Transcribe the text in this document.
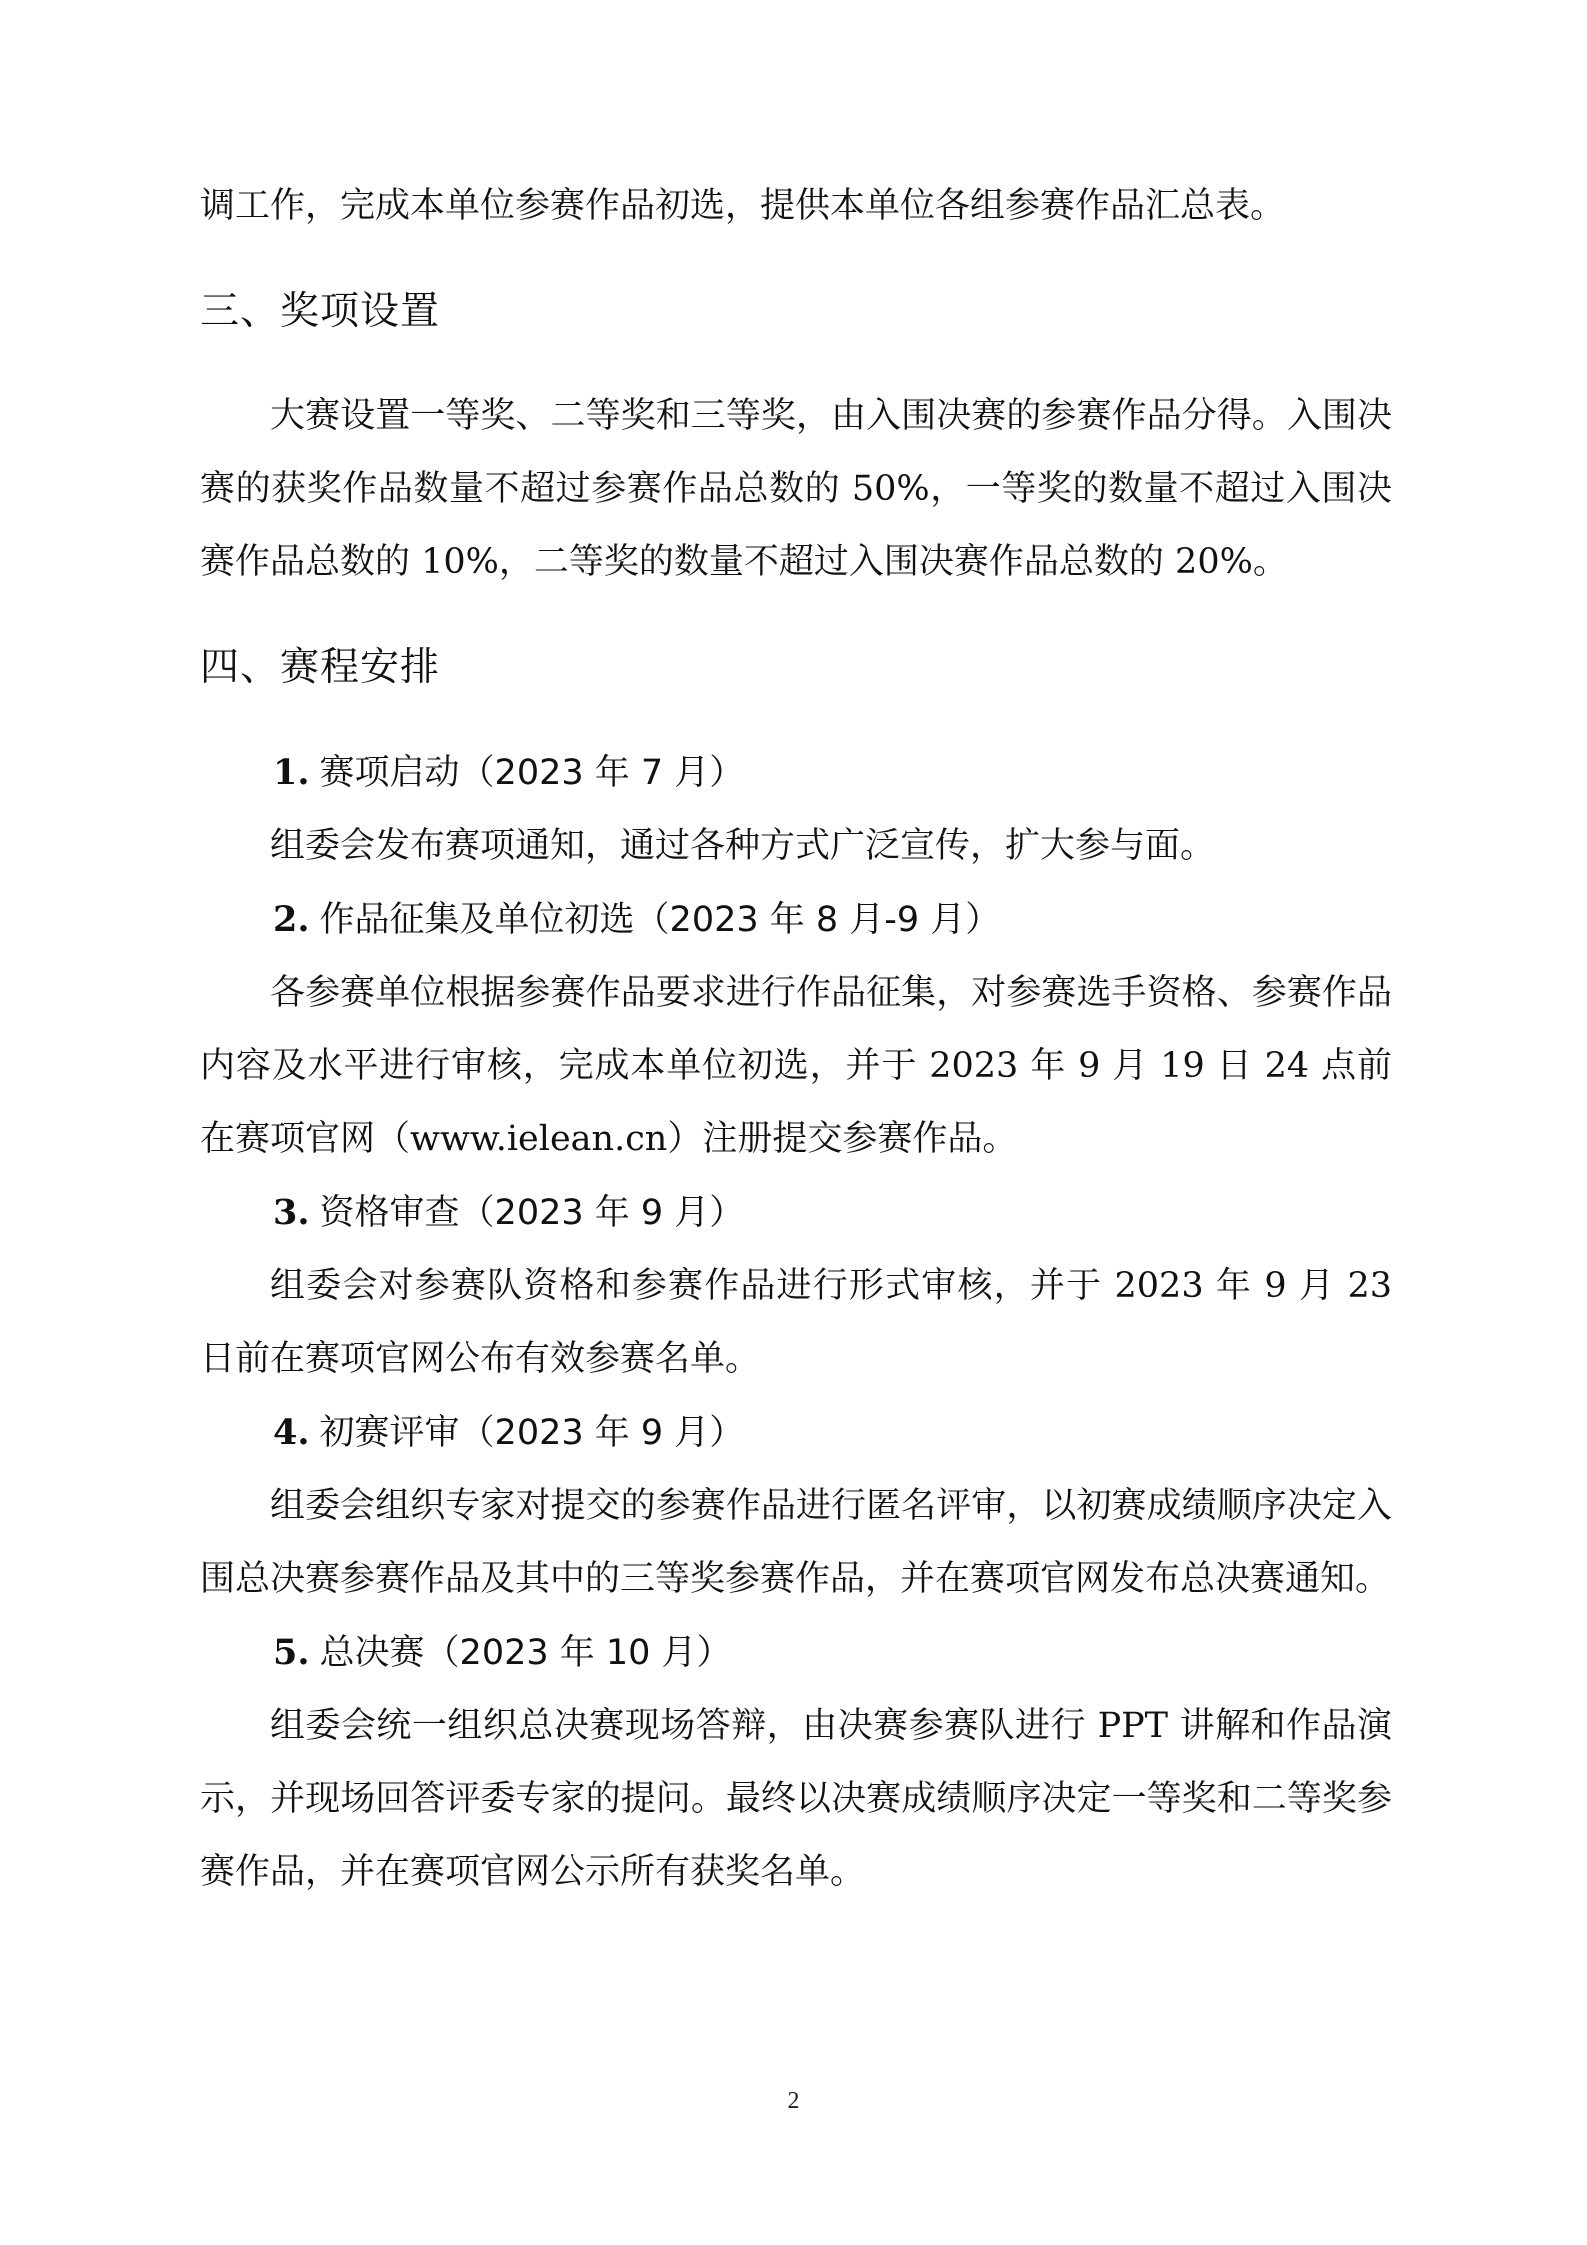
调工作，完成本单位参赛作品初选，提供本单位各组参赛作品汇总表。

三、奖项设置

大赛设置一等奖、二等奖和三等奖，由入围决赛的参赛作品分得。入围决赛的获奖作品数量不超过参赛作品总数的 50%，一等奖的数量不超过入围决赛作品总数的 10%，二等奖的数量不超过入围决赛作品总数的 20%。

四、赛程安排

1. 赛项启动（2023 年 7 月）

组委会发布赛项通知，通过各种方式广泛宣传，扩大参与面。

2. 作品征集及单位初选（2023 年 8 月-9 月）

各参赛单位根据参赛作品要求进行作品征集，对参赛选手资格、参赛作品内容及水平进行审核，完成本单位初选，并于 2023 年 9 月 19 日 24 点前在赛项官网（www.ielean.cn）注册提交参赛作品。

3. 资格审查（2023 年 9 月）

组委会对参赛队资格和参赛作品进行形式审核，并于 2023 年 9 月 23 日前在赛项官网公布有效参赛名单。

4. 初赛评审（2023 年 9 月）

组委会组织专家对提交的参赛作品进行匿名评审，以初赛成绩顺序决定入围总决赛参赛作品及其中的三等奖参赛作品，并在赛项官网发布总决赛通知。

5. 总决赛（2023 年 10 月）

组委会统一组织总决赛现场答辩，由决赛参赛队进行 PPT 讲解和作品演示，并现场回答评委专家的提问。最终以决赛成绩顺序决定一等奖和二等奖参赛作品，并在赛项官网公示所有获奖名单。

2
